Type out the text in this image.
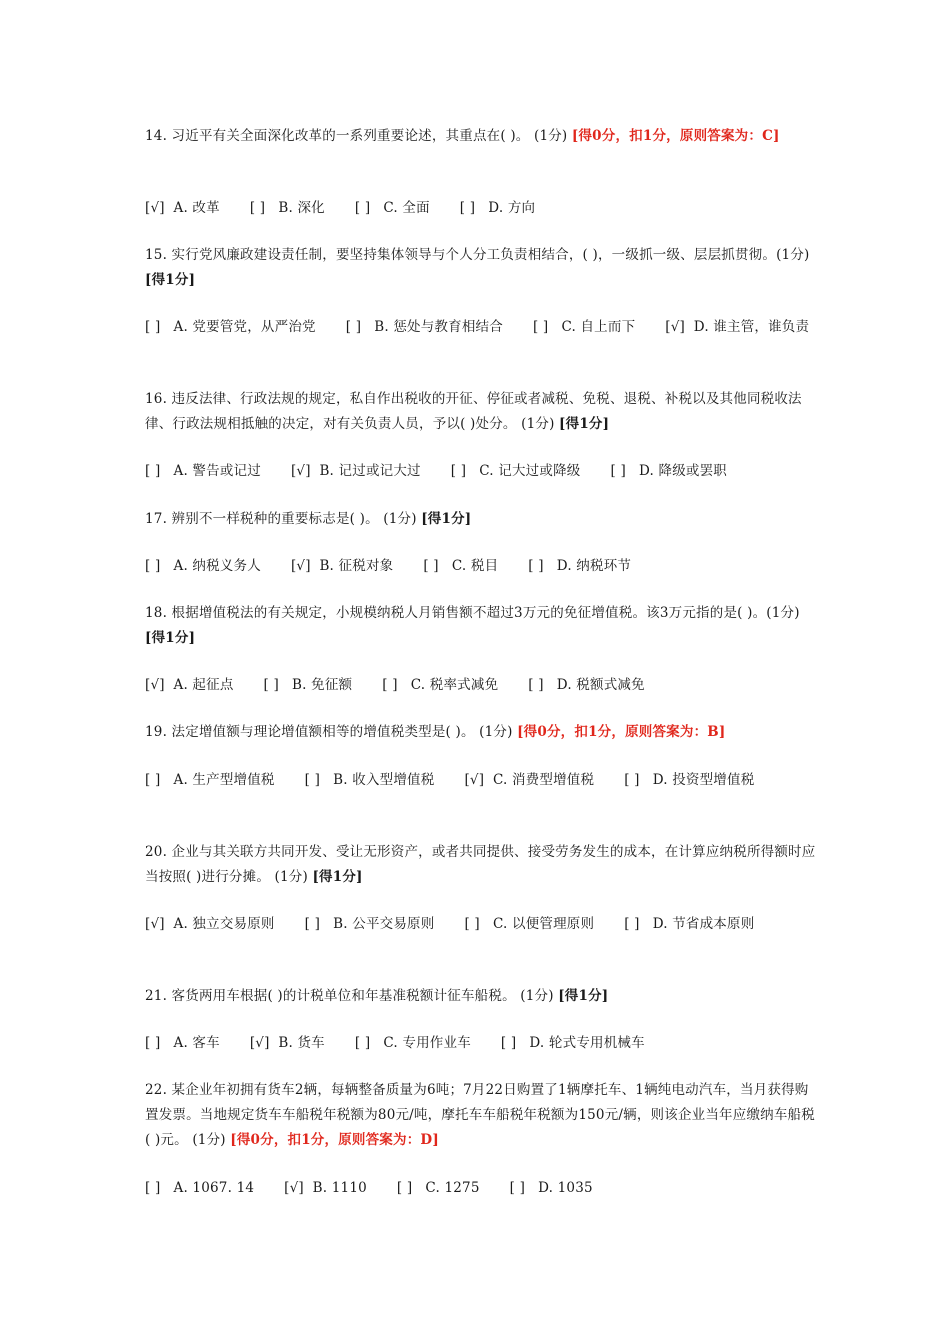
14. 习近平有关全面深化改革的一系列重要论述，其重点在( )。 (1分) [得0分，扣1分，原则答案为：C]
[√] A. 改革 [ ] B. 深化 [ ] C. 全面 [ ] D. 方向
15. 实行党风廉政建设责任制，要坚持集体领导与个人分工负责相结合，( )，一级抓一级、层层抓贯彻。(1分) [得1分]
[ ] A. 党要管党，从严治党 [ ] B. 惩处与教育相结合 [ ] C. 自上而下 [√] D. 谁主管，谁负责
16. 违反法律、行政法规的规定，私自作出税收的开征、停征或者减税、免税、退税、补税以及其他同税收法律、行政法规相抵触的决定，对有关负责人员，予以( )处分。 (1分) [得1分]
[ ] A. 警告或记过 [√] B. 记过或记大过 [ ] C. 记大过或降级 [ ] D. 降级或罢职
17. 辨别不一样税种的重要标志是( )。 (1分) [得1分]
[ ] A. 纳税义务人 [√] B. 征税对象 [ ] C. 税目 [ ] D. 纳税环节
18. 根据增值税法的有关规定，小规模纳税人月销售额不超过3万元的免征增值税。该3万元指的是( )。(1分) [得1分]
[√] A. 起征点 [ ] B. 免征额 [ ] C. 税率式减免 [ ] D. 税额式减免
19. 法定增值额与理论增值额相等的增值税类型是( )。 (1分) [得0分，扣1分，原则答案为：B]
[ ] A. 生产型增值税 [ ] B. 收入型增值税 [√] C. 消费型增值税 [ ] D. 投资型增值税
20. 企业与其关联方共同开发、受让无形资产，或者共同提供、接受劳务发生的成本，在计算应纳税所得额时应当按照( )进行分摊。 (1分) [得1分]
[√] A. 独立交易原则 [ ] B. 公平交易原则 [ ] C. 以便管理原则 [ ] D. 节省成本原则
21. 客货两用车根据( )的计税单位和年基准税额计征车船税。 (1分) [得1分]
[ ] A. 客车 [√] B. 货车 [ ] C. 专用作业车 [ ] D. 轮式专用机械车
22. 某企业年初拥有货车2辆，每辆整备质量为6吨；7月22日购置了1辆摩托车、1辆纯电动汽车，当月获得购置发票。当地规定货车车船税年税额为80元/吨，摩托车车船税年税额为150元/辆，则该企业当年应缴纳车船税( )元。 (1分) [得0分，扣1分，原则答案为：D]
[ ] A. 1067. 14 [√] B. 1110 [ ] C. 1275 [ ] D. 1035
